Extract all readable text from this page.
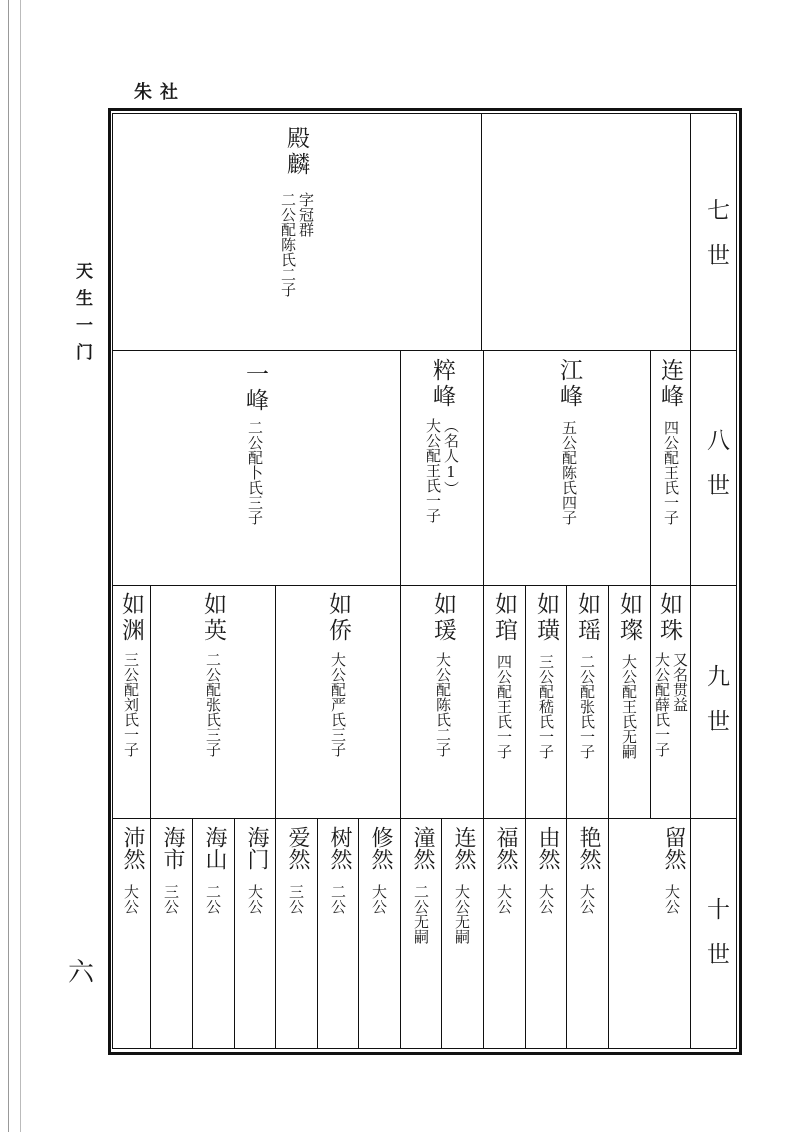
朱社
天生一门
六
七世
八世
九世
十世
殿麟
字冠群
二公配陈氏二子
连峰
四公配王氏一子
江峰
五公配陈氏四子
粹峰
（名人1）
大公配王氏一子
一峰
二公配卜氏三子
如珠
又名贯益
大公配薛氏一子
如璨
大公配王氏无嗣
如瑶
二公配张氏一子
如璜
三公配嵇氏一子
如琯
四公配王氏一子
如瑗
大公配陈氏二子
如侨
大公配严氏三子
如英
二公配张氏三子
如渊
三公配刘氏一子
留然
大公
艳然
大公
由然
大公
福然
大公
连然
大公无嗣
潼然
二公无嗣
修然
大公
树然
二公
爱然
三公
海门
大公
海山
二公
海市
三公
沛然
大公
